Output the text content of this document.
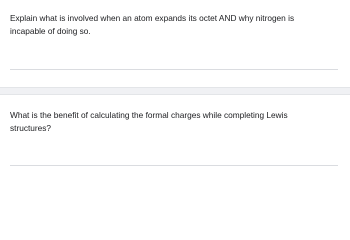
Explain what is involved when an atom expands its octet AND why nitrogen is incapable of doing so.

What is the benefit of calculating the formal charges while completing Lewis structures?
